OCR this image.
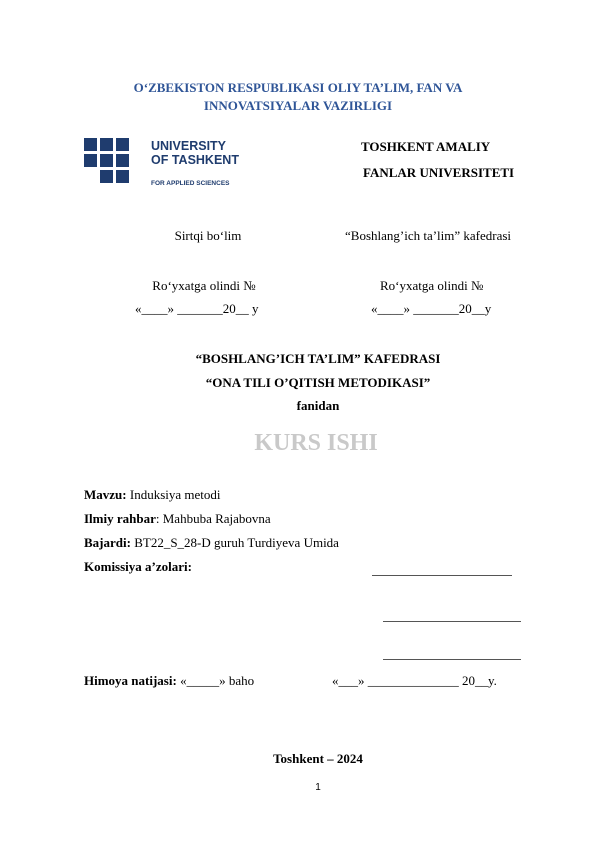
O‘ZBEKISTON RESPUBLIKASI OLIY TA’LIM, FAN VA
INNOVATSIYALAR VAZIRLIGI
UNIVERSITY
OF TASHKENT
FOR APPLIED SCIENCES
TOSHKENT AMALIY
FANLAR UNIVERSITETI
Sirtqi bo‘lim
Ro‘yxatga olindi №
«____» _______20__ y
“Boshlang’ich ta’lim” kafedrasi
Ro‘yxatga olindi №
«____» _______20__y
“BOSHLANG’ICH TA’LIM” KAFEDRASI
“ONA TILI O’QITISH METODIKASI”
fanidan
KURS ISHI
Mavzu: Induksiya metodi
Ilmiy rahbar: Mahbuba Rajabovna
Bajardi: BT22_S_28-D guruh Turdiyeva Umida
Komissiya a’zolari:
Himoya natijasi: «_____» baho	«___» ______________ 20__y.
Toshkent – 2024
1
